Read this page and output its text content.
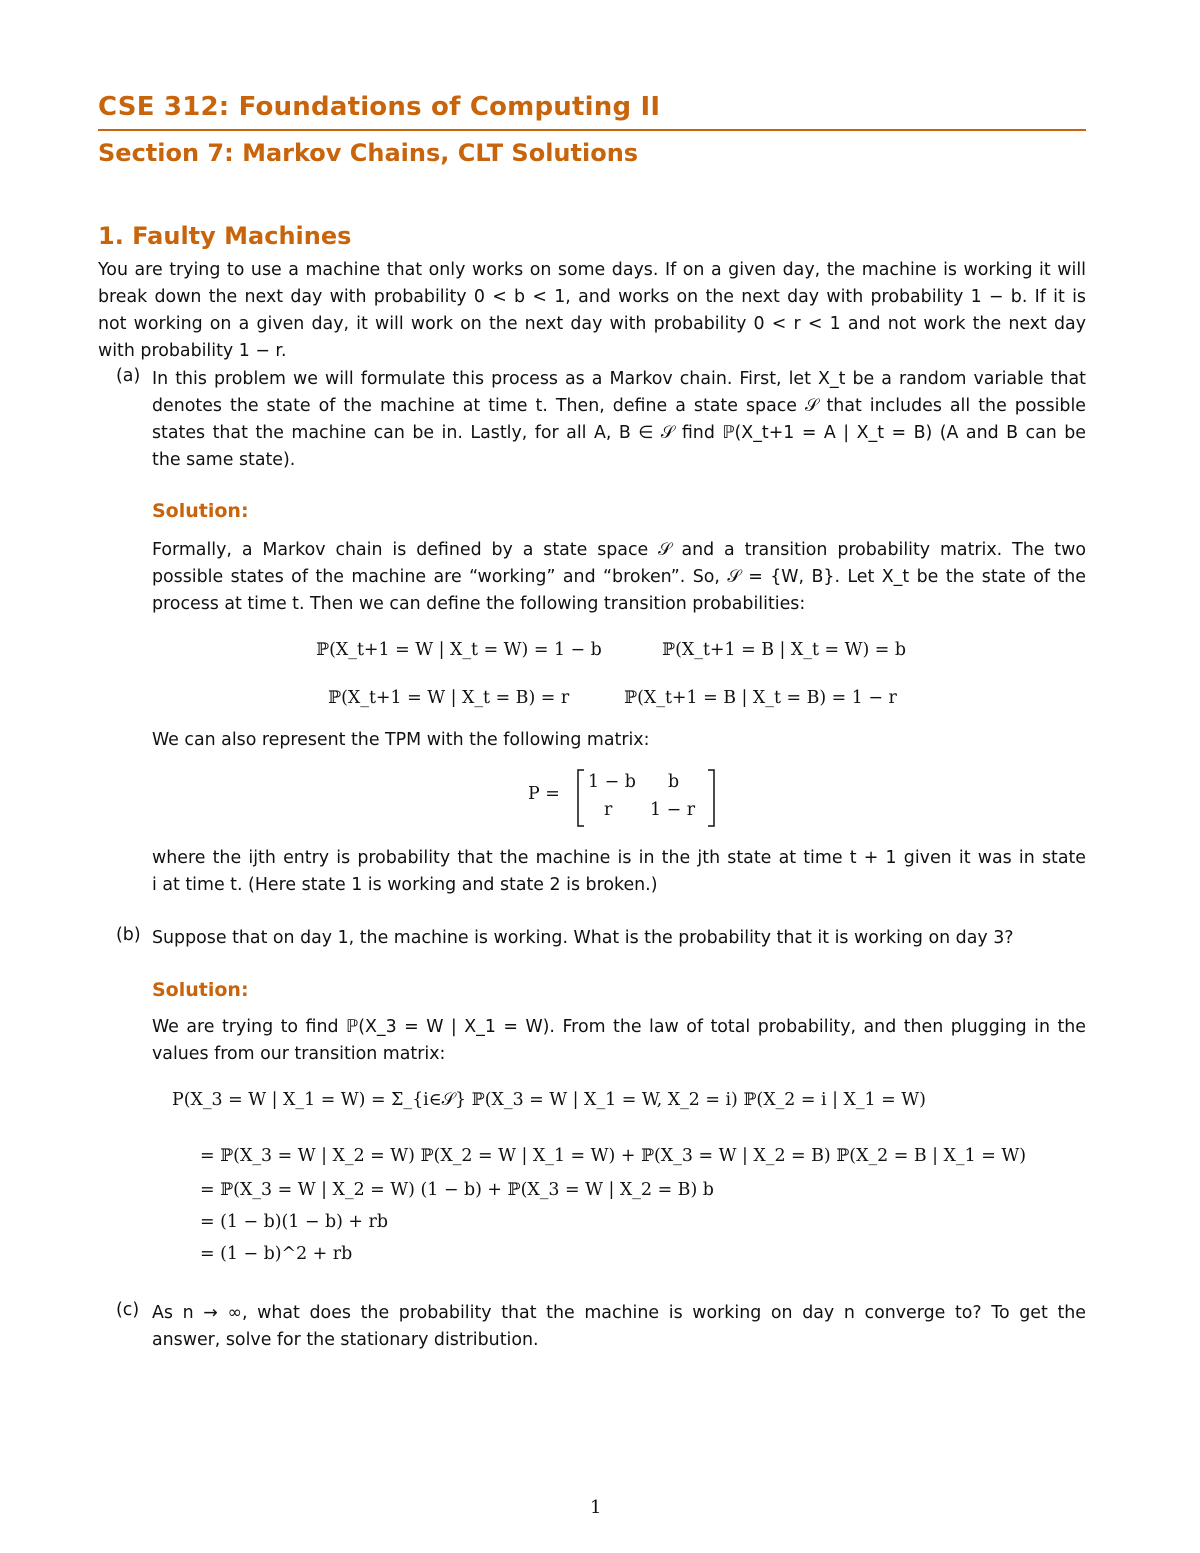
CSE 312: Foundations of Computing II
Section 7: Markov Chains, CLT Solutions
1. Faulty Machines
You are trying to use a machine that only works on some days. If on a given day, the machine is working it will
break down the next day with probability 0 < b < 1, and works on the next day with probability 1 − b. If it is
not working on a given day, it will work on the next day with probability 0 < r < 1 and not work the next day
with probability 1 − r.
(a) In this problem we will formulate this process as a Markov chain. First, let X_t be a random variable that
denotes the state of the machine at time t. Then, define a state space 𝒮 that includes all the possible
states that the machine can be in. Lastly, for all A, B ∈ 𝒮 find ℙ(X_t+1 = A | X_t = B) (A and B can be
the same state).
Solution:
Formally, a Markov chain is defined by a state space 𝒮 and a transition probability matrix. The two
possible states of the machine are “working” and “broken”. So, 𝒮 = {W, B}. Let X_t be the state of the
process at time t. Then we can define the following transition probabilities:
ℙ(X_t+1 = W | X_t = W) = 1 − b	ℙ(X_t+1 = B | X_t = W) = b
ℙ(X_t+1 = W | X_t = B) = r	ℙ(X_t+1 = B | X_t = B) = 1 − r
We can also represent the TPM with the following matrix:
P =
1 − b b
r 1 − r
where the ijth entry is probability that the machine is in the jth state at time t + 1 given it was in state
i at time t. (Here state 1 is working and state 2 is broken.)
(b) Suppose that on day 1, the machine is working. What is the probability that it is working on day 3?
Solution:
We are trying to find ℙ(X_3 = W | X_1 = W). From the law of total probability, and then plugging in the
values from our transition matrix:
P(X_3 = W | X_1 = W) = Σ_{i∈𝒮} ℙ(X_3 = W | X_1 = W, X_2 = i) ℙ(X_2 = i | X_1 = W)
= ℙ(X_3 = W | X_2 = W) ℙ(X_2 = W | X_1 = W) + ℙ(X_3 = W | X_2 = B) ℙ(X_2 = B | X_1 = W)
= ℙ(X_3 = W | X_2 = W) (1 − b) + ℙ(X_3 = W | X_2 = B) b
= (1 − b)(1 − b) + rb
= (1 − b)^2 + rb
(c) As n → ∞, what does the probability that the machine is working on day n converge to? To get the
answer, solve for the stationary distribution.
1
